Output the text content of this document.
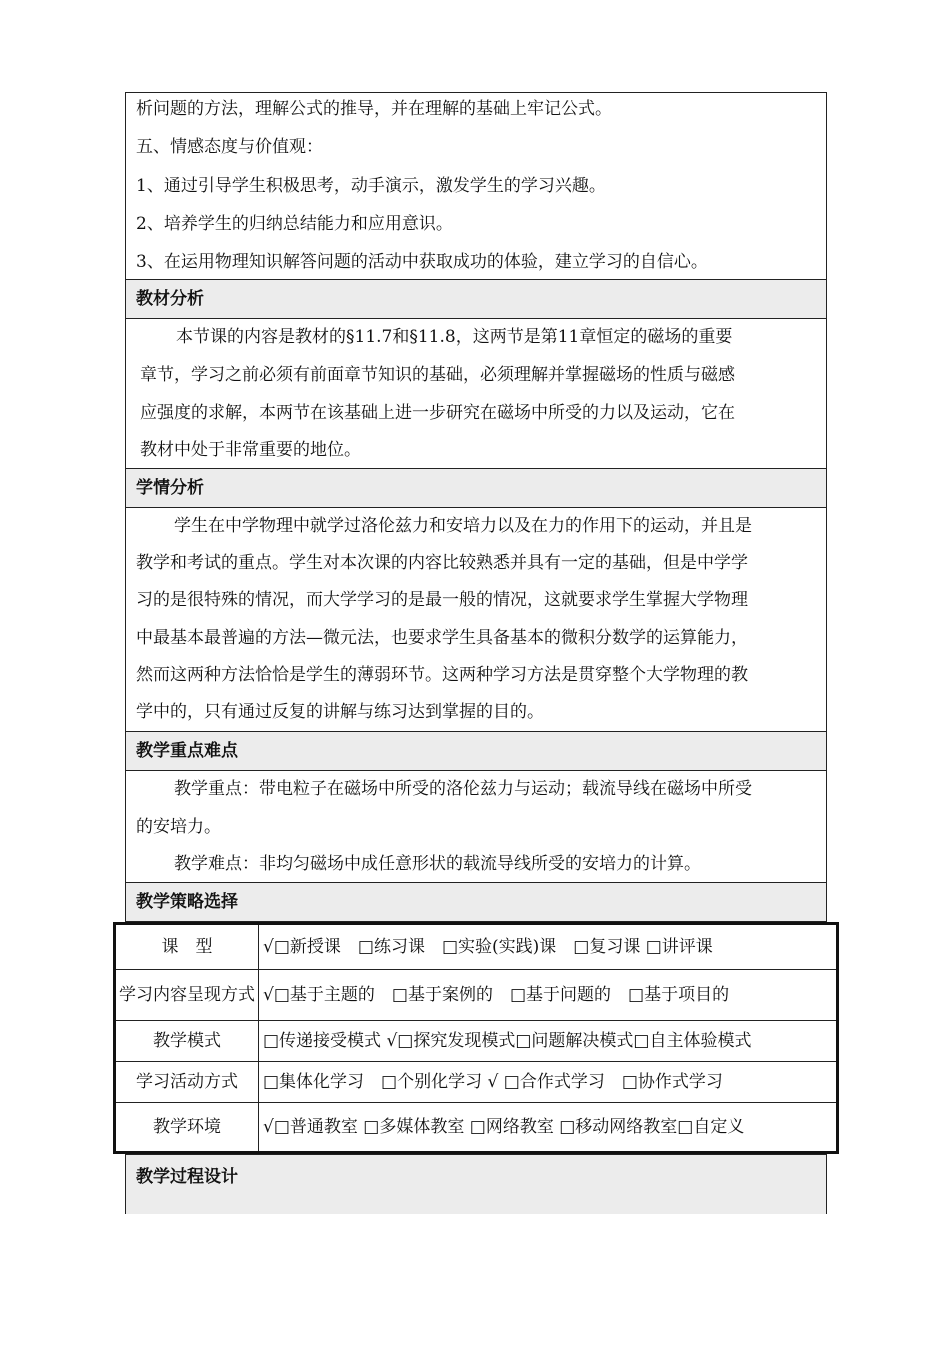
析问题的方法，理解公式的推导，并在理解的基础上牢记公式。
五、情感态度与价值观：
1、通过引导学生积极思考，动手演示，激发学生的学习兴趣。
2、培养学生的归纳总结能力和应用意识。
3、在运用物理知识解答问题的活动中获取成功的体验，建立学习的自信心。
教材分析
本节课的内容是教材的§11.7和§11.8，这两节是第11章恒定的磁场的重要
章节，学习之前必须有前面章节知识的基础，必须理解并掌握磁场的性质与磁感
应强度的求解，本两节在该基础上进一步研究在磁场中所受的力以及运动，它在
教材中处于非常重要的地位。
学情分析
学生在中学物理中就学过洛伦兹力和安培力以及在力的作用下的运动，并且是
教学和考试的重点。学生对本次课的内容比较熟悉并具有一定的基础，但是中学学
习的是很特殊的情况，而大学学习的是最一般的情况，这就要求学生掌握大学物理
中最基本最普遍的方法—微元法，也要求学生具备基本的微积分数学的运算能力，
然而这两种方法恰恰是学生的薄弱环节。这两种学习方法是贯穿整个大学物理的教
学中的，只有通过反复的讲解与练习达到掌握的目的。
教学重点难点
教学重点：带电粒子在磁场中所受的洛伦兹力与运动；载流导线在磁场中所受
的安培力。
教学难点：非均匀磁场中成任意形状的载流导线所受的安培力的计算。
教学策略选择
课　型	√□新授课　□练习课　□实验(实践)课　□复习课 □讲评课
学习内容呈现方式	√□基于主题的　□基于案例的　□基于问题的　□基于项目的
教学模式	□传递接受模式 √□探究发现模式□问题解决模式□自主体验模式
学习活动方式	□集体化学习　□个别化学习 √ □合作式学习　□协作式学习
教学环境	√□普通教室 □多媒体教室 □网络教室 □移动网络教室□自定义
教学过程设计
